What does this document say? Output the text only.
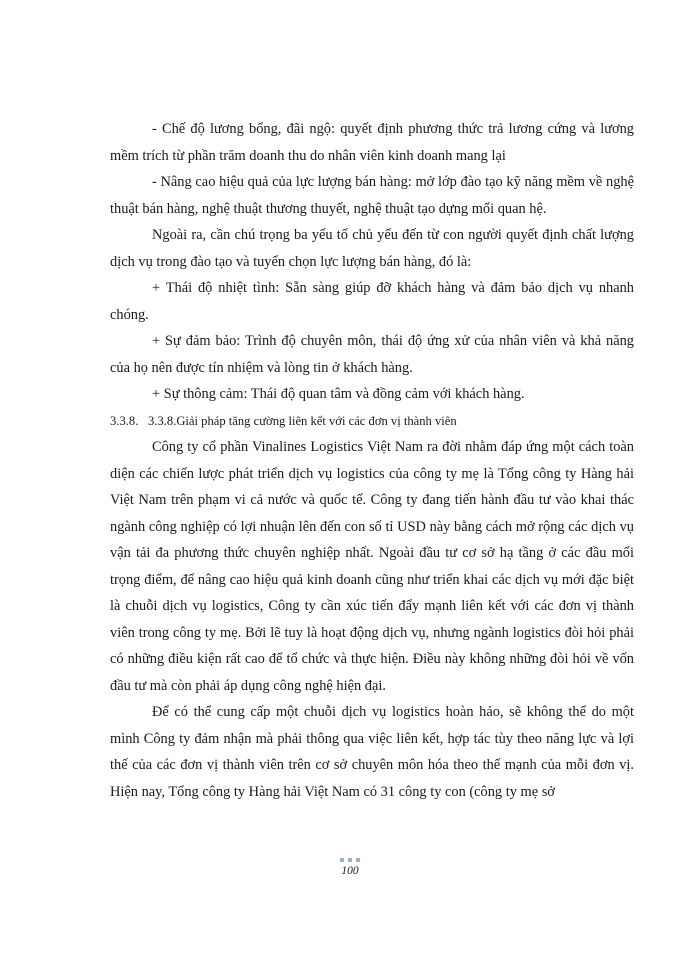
- Chế độ lương bổng, đãi ngộ: quyết định phương thức trả lương cứng và lương mềm trích từ phần trăm doanh thu do nhân viên kinh doanh mang lại

- Nâng cao hiệu quả của lực lượng bán hàng: mở lớp đào tạo kỹ năng mềm về nghệ thuật bán hàng, nghệ thuật thương thuyết, nghệ thuật tạo dựng mối quan hệ.

Ngoài ra, cần chú trọng ba yếu tố chủ yếu đến từ con người quyết định chất lượng dịch vụ trong đào tạo và tuyển chọn lực lượng bán hàng, đó là:

+ Thái độ nhiệt tình: Sẵn sàng giúp đỡ khách hàng và đảm bảo dịch vụ nhanh chóng.

+ Sự đảm bảo: Trình độ chuyên môn, thái độ ứng xử của nhân viên và khả năng của họ nên được tín nhiệm và lòng tin ở khách hàng.

+ Sự thông cảm: Thái độ quan tâm và đồng cảm với khách hàng.

3.3.8. 3.3.8.Giải pháp tăng cường liên kết với các đơn vị thành viên

Công ty cổ phần Vinalines Logistics Việt Nam ra đời nhằm đáp ứng một cách toàn diện các chiến lược phát triển dịch vụ logistics của công ty mẹ là Tổng công ty Hàng hải Việt Nam trên phạm vi cả nước và quốc tế. Công ty đang tiến hành đầu tư vào khai thác ngành công nghiệp có lợi nhuận lên đến con số tỉ USD này bằng cách mở rộng các dịch vụ vận tải đa phương thức chuyên nghiệp nhất. Ngoài đầu tư cơ sở hạ tầng ở các đầu mối trọng điểm, để nâng cao hiệu quả kinh doanh cũng như triển khai các dịch vụ mới đặc biệt là chuỗi dịch vụ logistics, Công ty cần xúc tiến đẩy mạnh liên kết với các đơn vị thành viên trong công ty mẹ. Bởi lẽ tuy là hoạt động dịch vụ, nhưng ngành logistics đòi hỏi phải có những điều kiện rất cao để tổ chức và thực hiện. Điều này không những đòi hỏi về vốn đầu tư mà còn phải áp dụng công nghệ hiện đại.

Để có thể cung cấp một chuỗi dịch vụ logistics hoàn hảo, sẽ không thể do một mình Công ty đảm nhận mà phải thông qua việc liên kết, hợp tác tùy theo năng lực và lợi thế của các đơn vị thành viên trên cơ sở chuyên môn hóa theo thế mạnh của mỗi đơn vị. Hiện nay, Tổng công ty Hàng hải Việt Nam có 31 công ty con (công ty mẹ sở

100
